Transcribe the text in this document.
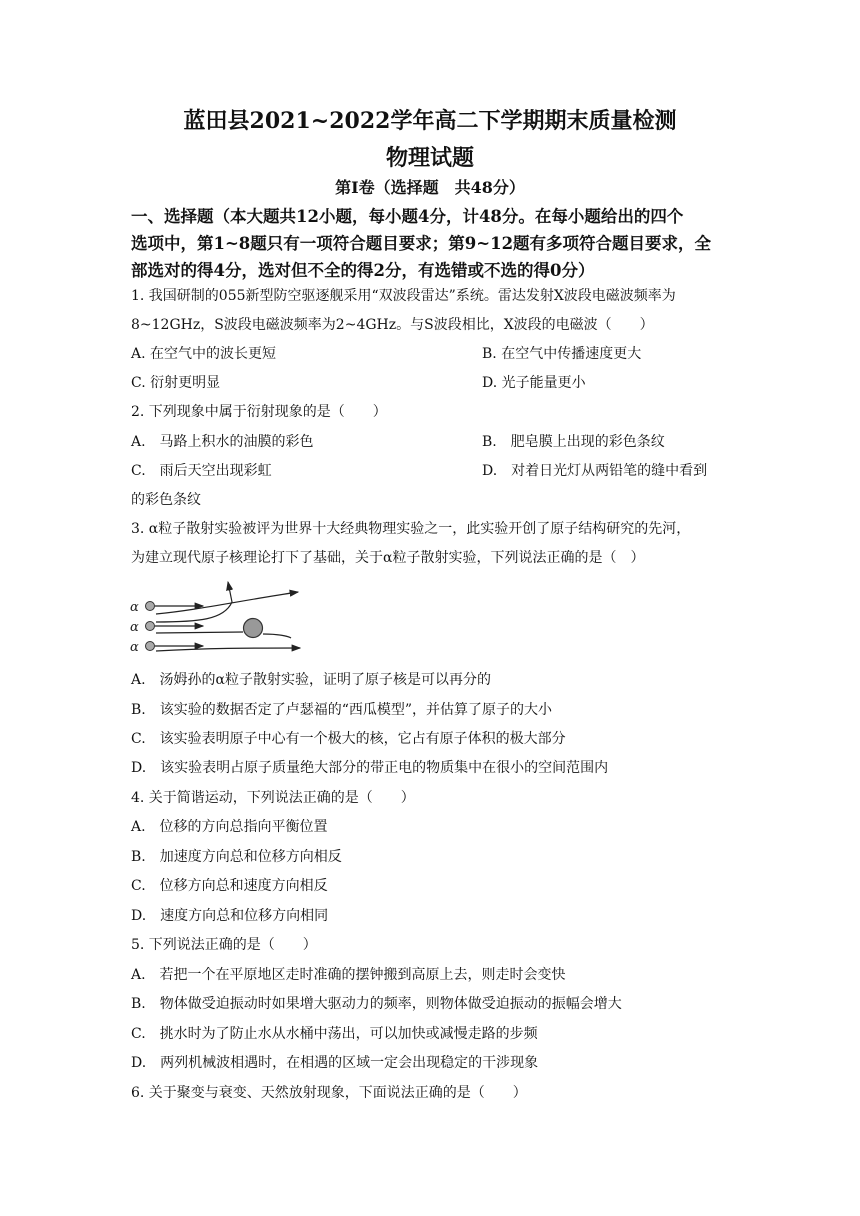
蓝田县2021~2022学年高二下学期期末质量检测
物理试题
第Ⅰ卷（选择题　共48分）
一、选择题（本大题共12小题，每小题4分，计48分。在每小题给出的四个
选项中，第1~8题只有一项符合题目要求；第9~12题有多项符合题目要求，全
部选对的得4分，选对但不全的得2分，有选错或不选的得0分）
1. 我国研制的055新型防空驱逐舰采用“双波段雷达”系统。雷达发射X波段电磁波频率为
8~12GHz，S波段电磁波频率为2~4GHz。与S波段相比，X波段的电磁波（　　）
A. 在空气中的波长更短	B. 在空气中传播速度更大
C. 衍射更明显	D. 光子能量更小
2. 下列现象中属于衍射现象的是（　　）
A.　马路上积水的油膜的彩色	B.　肥皂膜上出现的彩色条纹
C.　雨后天空出现彩虹	D.　对着日光灯从两铅笔的缝中看到
的彩色条纹
3. α粒子散射实验被评为世界十大经典物理实验之一，此实验开创了原子结构研究的先河，
为建立现代原子核理论打下了基础，关于α粒子散射实验，下列说法正确的是（　）
α
α
α
A.　汤姆孙的α粒子散射实验，证明了原子核是可以再分的
B.　该实验的数据否定了卢瑟福的“西瓜模型”，并估算了原子的大小
C.　该实验表明原子中心有一个极大的核，它占有原子体积的极大部分
D.　该实验表明占原子质量绝大部分的带正电的物质集中在很小的空间范围内
4. 关于简谐运动，下列说法正确的是（　　）
A.　位移的方向总指向平衡位置
B.　加速度方向总和位移方向相反
C.　位移方向总和速度方向相反
D.　速度方向总和位移方向相同
5. 下列说法正确的是（　　）
A.　若把一个在平原地区走时准确的摆钟搬到高原上去，则走时会变快
B.　物体做受迫振动时如果增大驱动力的频率，则物体做受迫振动的振幅会增大
C.　挑水时为了防止水从水桶中荡出，可以加快或减慢走路的步频
D.　两列机械波相遇时，在相遇的区域一定会出现稳定的干涉现象
6. 关于聚变与衰变、天然放射现象，下面说法正确的是（　　）
